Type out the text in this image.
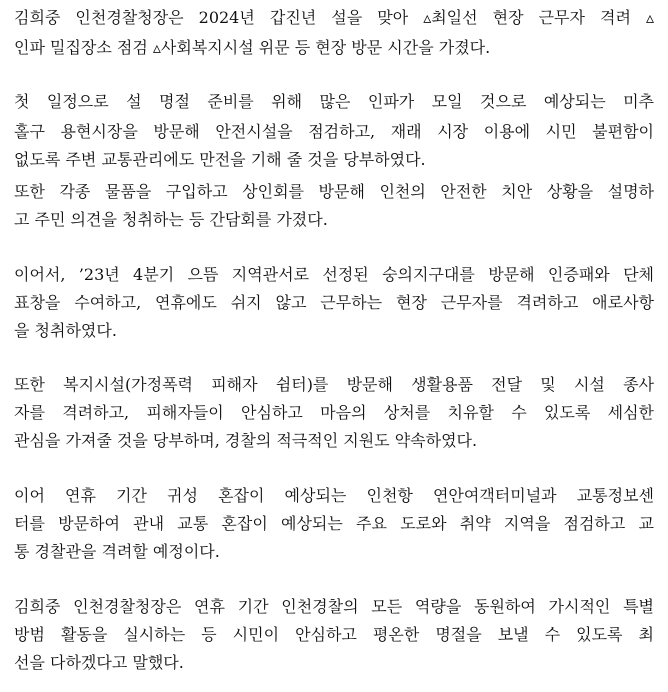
김희중 인천경찰청장은 2024년 갑진년 설을 맞아 ▵최일선 현장 근무자 격려 ▵
인파 밀집장소 점검 ▵사회복지시설 위문 등 현장 방문 시간을 가졌다.
첫 일정으로 설 명절 준비를 위해 많은 인파가 모일 것으로 예상되는 미추
홀구 용현시장을 방문해 안전시설을 점검하고, 재래 시장 이용에 시민 불편함이
없도록 주변 교통관리에도 만전을 기해 줄 것을 당부하였다.
또한 각종 물품을 구입하고 상인회를 방문해 인천의 안전한 치안 상황을 설명하
고 주민 의견을 청취하는 등 간담회를 가졌다.
이어서, ’23년 4분기 으뜸 지역관서로 선정된 숭의지구대를 방문해 인증패와 단체
표창을 수여하고, 연휴에도 쉬지 않고 근무하는 현장 근무자를 격려하고 애로사항
을 청취하였다.
또한 복지시설(가정폭력 피해자 쉼터)를 방문해 생활용품 전달 및 시설 종사
자를 격려하고, 피해자들이 안심하고 마음의 상처를 치유할 수 있도록 세심한
관심을 가져줄 것을 당부하며, 경찰의 적극적인 지원도 약속하였다.
이어 연휴 기간 귀성 혼잡이 예상되는 인천항 연안여객터미널과 교통정보센
터를 방문하여 관내 교통 혼잡이 예상되는 주요 도로와 취약 지역을 점검하고 교
통 경찰관을 격려할 예정이다.
김희중 인천경찰청장은 연휴 기간 인천경찰의 모든 역량을 동원하여 가시적인 특별
방범 활동을 실시하는 등 시민이 안심하고 평온한 명절을 보낼 수 있도록 최
선을 다하겠다고 말했다.
